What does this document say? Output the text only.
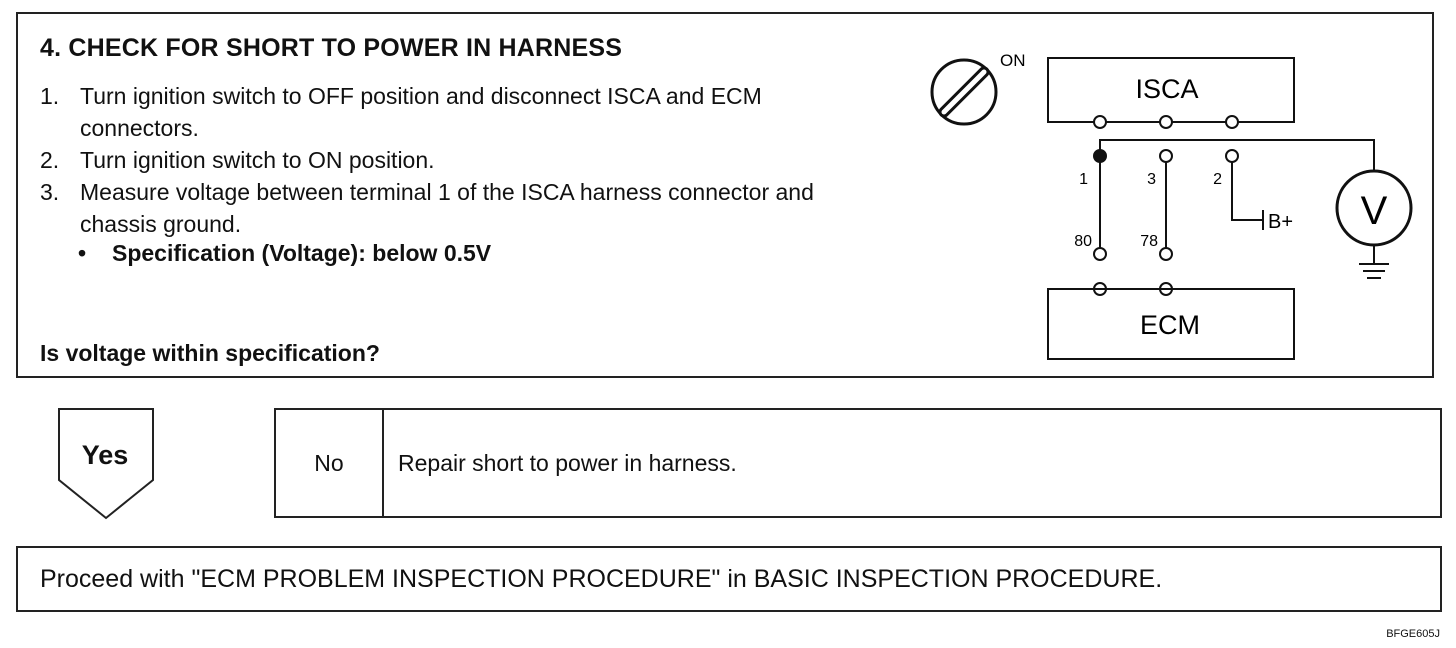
4. CHECK FOR SHORT TO POWER IN HARNESS
1. Turn ignition switch to OFF position and disconnect ISCA and ECM connectors.
2. Turn ignition switch to ON position.
3. Measure voltage between terminal 1 of the ISCA harness connector and chassis ground.
• Specification (Voltage): below 0.5V
Is voltage within specification?
ON
ISCA
B+ V
1	3	2
80	78
ECM
Yes	No	Repair short to power in harness.
Proceed with "ECM PROBLEM INSPECTION PROCEDURE" in BASIC INSPECTION PROCEDURE.
BFGE605J
